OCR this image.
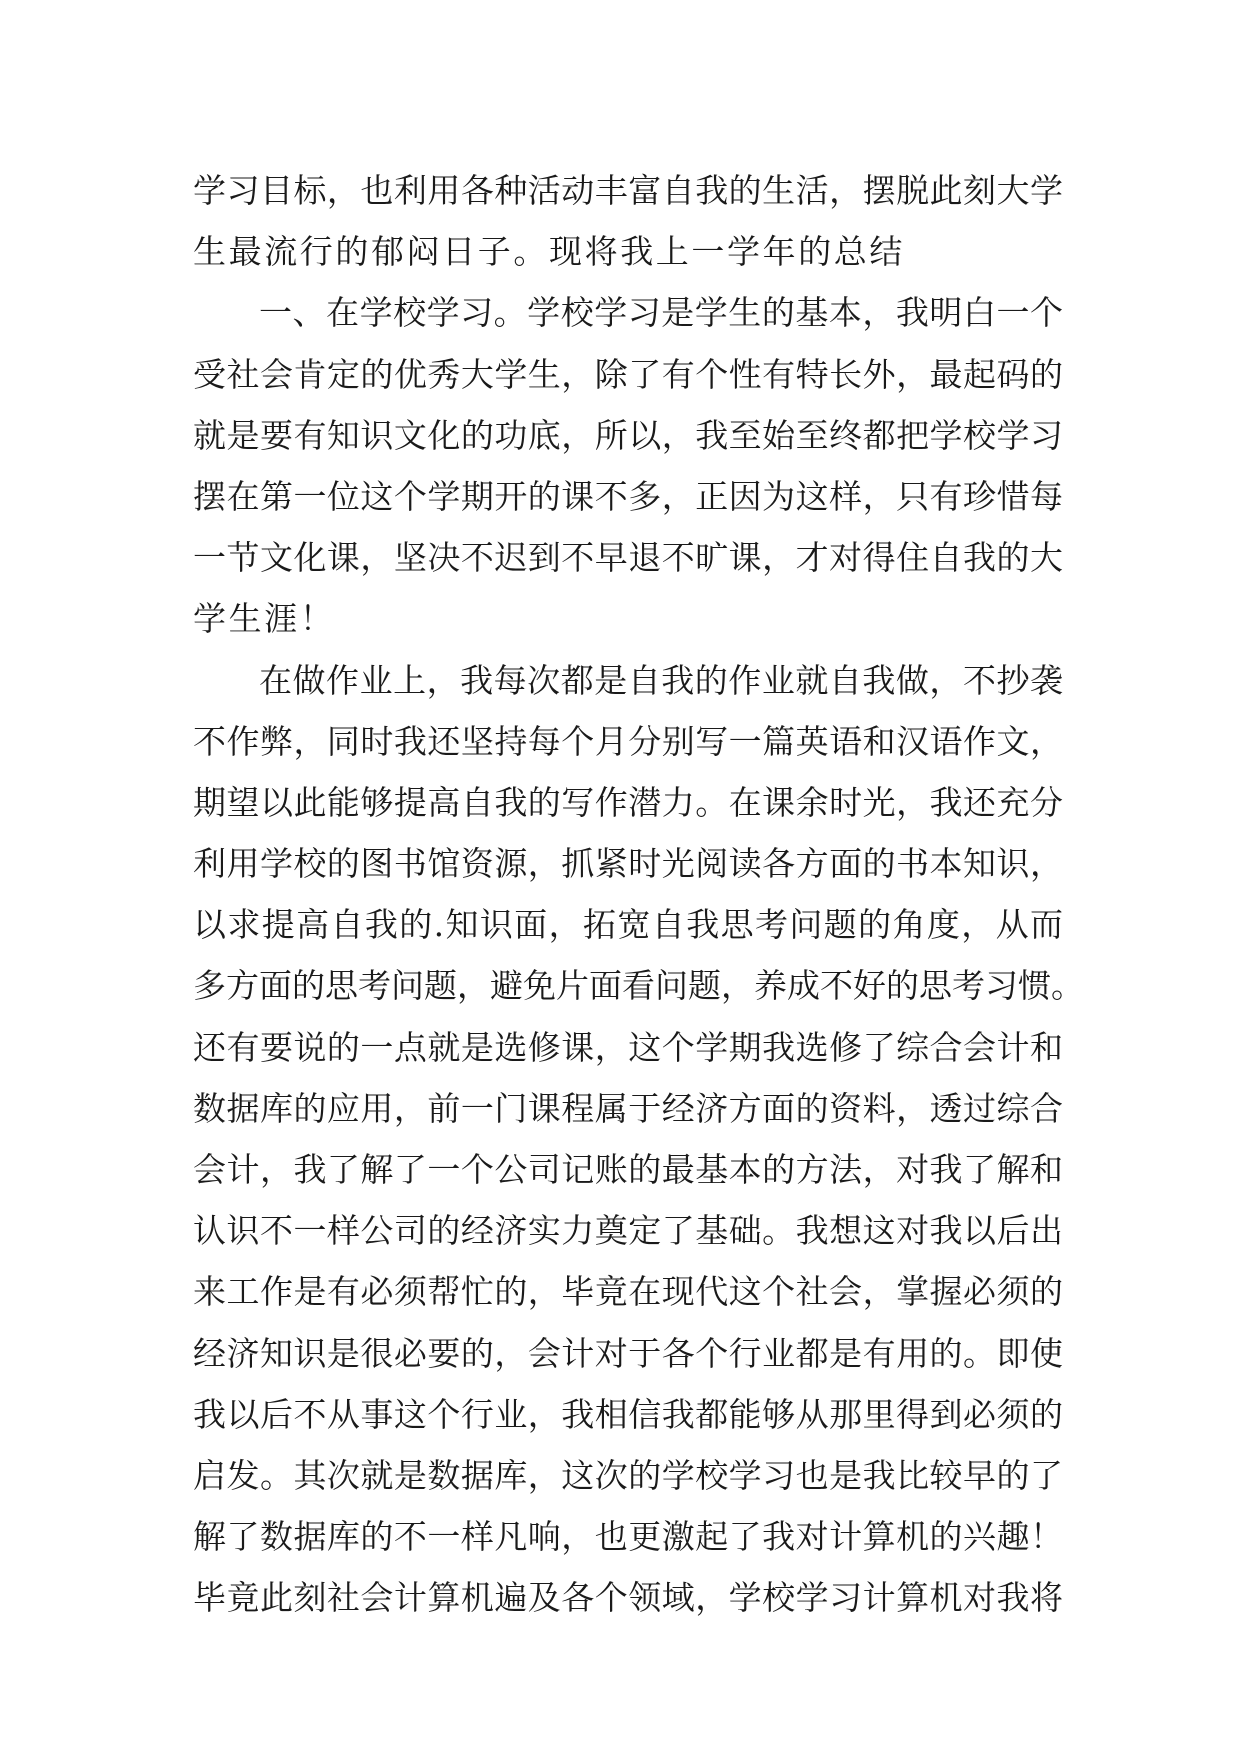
学习目标，也利用各种活动丰富自我的生活，摆脱此刻大学
生最流行的郁闷日子。现将我上一学年的总结
一、在学校学习。学校学习是学生的基本，我明白一个
受社会肯定的优秀大学生，除了有个性有特长外，最起码的
就是要有知识文化的功底，所以，我至始至终都把学校学习
摆在第一位这个学期开的课不多，正因为这样，只有珍惜每
一节文化课，坚决不迟到不早退不旷课，才对得住自我的大
学生涯！
在做作业上，我每次都是自我的作业就自我做，不抄袭
不作弊，同时我还坚持每个月分别写一篇英语和汉语作文，
期望以此能够提高自我的写作潜力。在课余时光，我还充分
利用学校的图书馆资源，抓紧时光阅读各方面的书本知识，
以求提高自我的.知识面，拓宽自我思考问题的角度，从而
多方面的思考问题，避免片面看问题，养成不好的思考习惯。
还有要说的一点就是选修课，这个学期我选修了综合会计和
数据库的应用，前一门课程属于经济方面的资料，透过综合
会计，我了解了一个公司记账的最基本的方法，对我了解和
认识不一样公司的经济实力奠定了基础。我想这对我以后出
来工作是有必须帮忙的，毕竟在现代这个社会，掌握必须的
经济知识是很必要的，会计对于各个行业都是有用的。即使
我以后不从事这个行业，我相信我都能够从那里得到必须的
启发。其次就是数据库，这次的学校学习也是我比较早的了
解了数据库的不一样凡响，也更激起了我对计算机的兴趣！
毕竟此刻社会计算机遍及各个领域，学校学习计算机对我将
